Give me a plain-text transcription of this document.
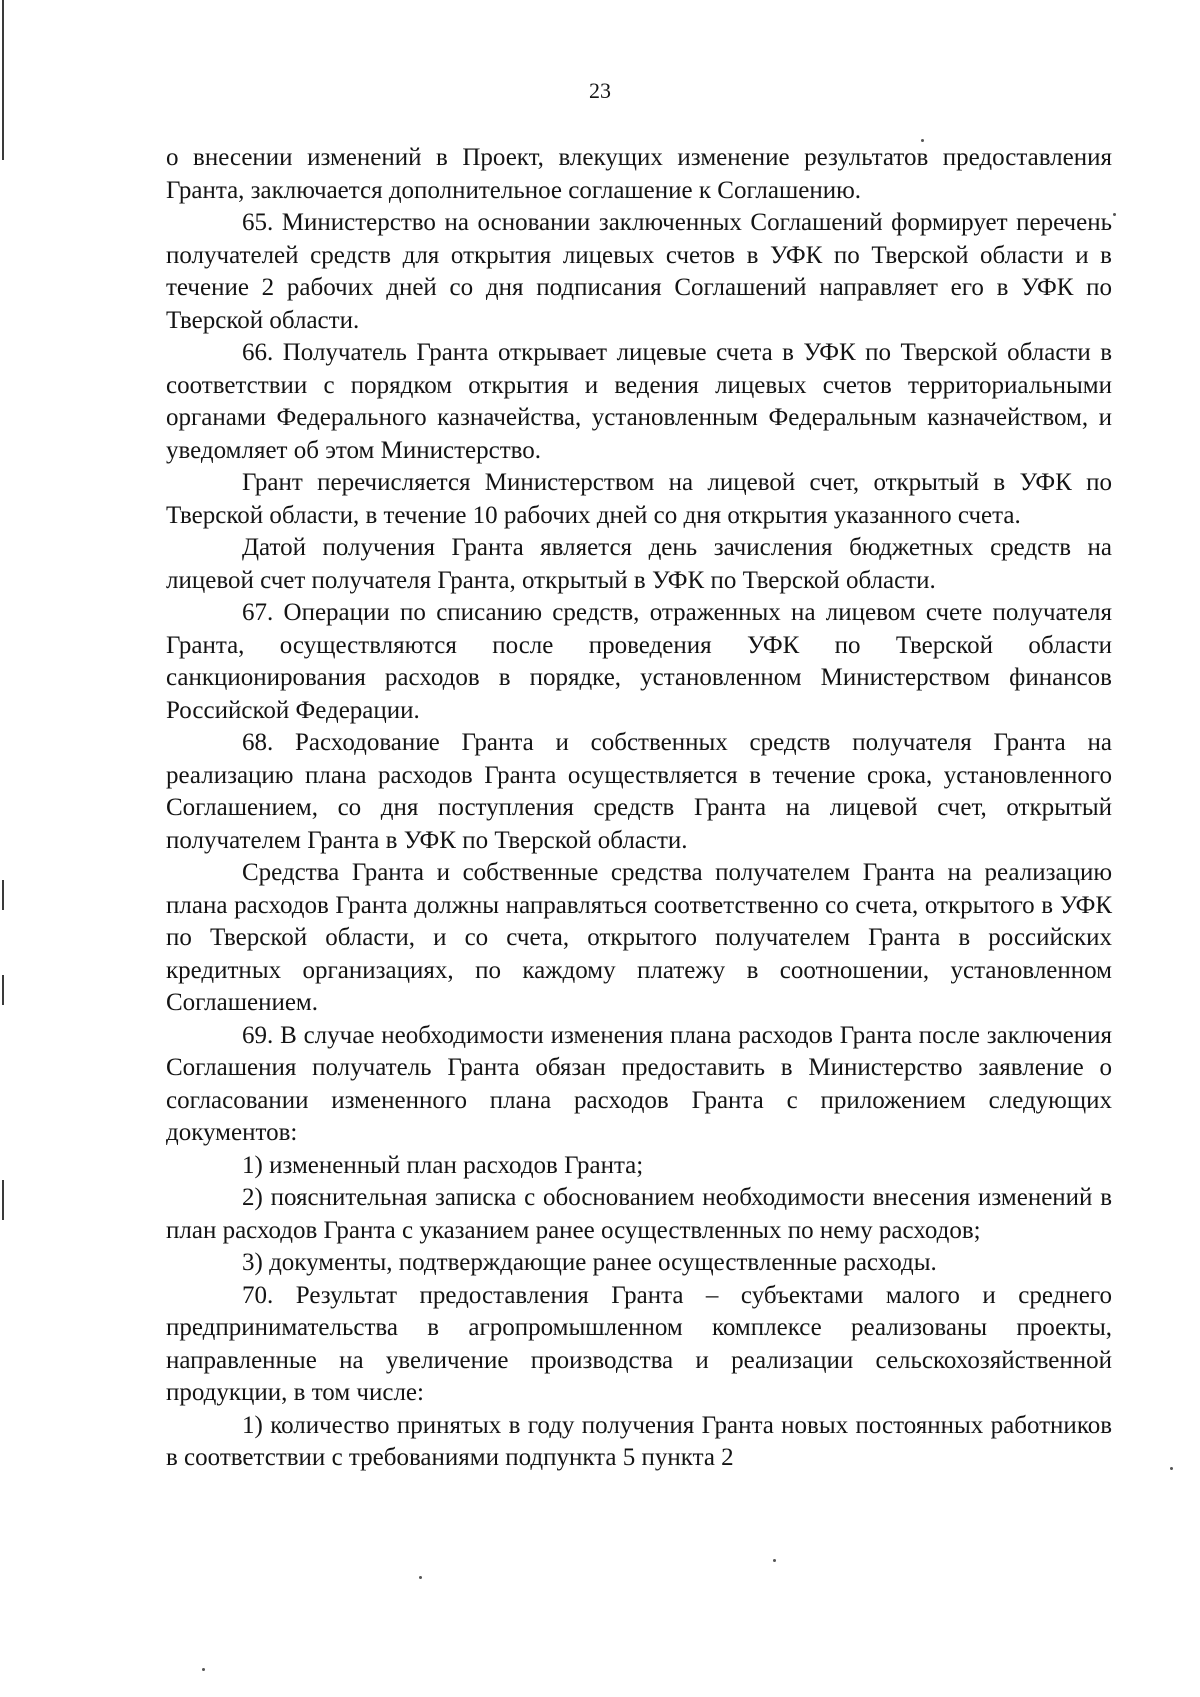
23

о внесении изменений в Проект, влекущих изменение результатов предоставления Гранта, заключается дополнительное соглашение к Соглашению.

65. Министерство на основании заключенных Соглашений формирует перечень получателей средств для открытия лицевых счетов в УФК по Тверской области и в течение 2 рабочих дней со дня подписания Соглашений направляет его в УФК по Тверской области.

66. Получатель Гранта открывает лицевые счета в УФК по Тверской области в соответствии с порядком открытия и ведения лицевых счетов территориальными органами Федерального казначейства, установленным Федеральным казначейством, и уведомляет об этом Министерство.

Грант перечисляется Министерством на лицевой счет, открытый в УФК по Тверской области, в течение 10 рабочих дней со дня открытия указанного счета.

Датой получения Гранта является день зачисления бюджетных средств на лицевой счет получателя Гранта, открытый в УФК по Тверской области.

67. Операции по списанию средств, отраженных на лицевом счете получателя Гранта, осуществляются после проведения УФК по Тверской области санкционирования расходов в порядке, установленном Министерством финансов Российской Федерации.

68. Расходование Гранта и собственных средств получателя Гранта на реализацию плана расходов Гранта осуществляется в течение срока, установленного Соглашением, со дня поступления средств Гранта на лицевой счет, открытый получателем Гранта в УФК по Тверской области.

Средства Гранта и собственные средства получателем Гранта на реализацию плана расходов Гранта должны направляться соответственно со счета, открытого в УФК по Тверской области, и со счета, открытого получателем Гранта в российских кредитных организациях, по каждому платежу в соотношении, установленном Соглашением.

69. В случае необходимости изменения плана расходов Гранта после заключения Соглашения получатель Гранта обязан предоставить в Министерство заявление о согласовании измененного плана расходов Гранта с приложением следующих документов:

1) измененный план расходов Гранта;

2) пояснительная записка с обоснованием необходимости внесения изменений в план расходов Гранта с указанием ранее осуществленных по нему расходов;

3) документы, подтверждающие ранее осуществленные расходы.

70. Результат предоставления Гранта – субъектами малого и среднего предпринимательства в агропромышленном комплексе реализованы проекты, направленные на увеличение производства и реализации сельскохозяйственной продукции, в том числе:

1) количество принятых в году получения Гранта новых постоянных работников в соответствии с требованиями подпункта 5 пункта 2
